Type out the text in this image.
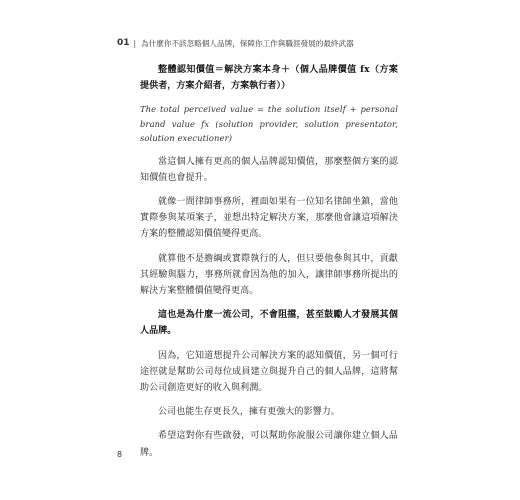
01 | 為什麼你不該忽略個人品牌，保障你工作與職涯發展的最終武器

整體認知價值＝解決方案本身＋（個人品牌價值 fx（方案提供者，方案介紹者，方案執行者））

The total perceived value = the solution itself + personal brand value fx (solution provider, solution presentator, solution executioner)

當這個人擁有更高的個人品牌認知價值，那麼整個方案的認知價值也會提升。

就像一間律師事務所，裡面如果有一位知名律師坐鎮，當他實際參與某項案子，並想出特定解決方案，那麼他會讓這項解決方案的整體認知價值變得更高。

就算他不是擔綱或實際執行的人，但只要他參與其中，貢獻其經驗與腦力，事務所就會因為他的加入，讓律師事務所提出的解決方案整體價值變得更高。

這也是為什麼一流公司，不會阻擋，甚至鼓勵人才發展其個人品牌。

因為，它知道想提升公司解決方案的認知價值，另一個可行途徑就是幫助公司每位成員建立與提升自己的個人品牌，這將幫助公司創造更好的收入與利潤。

公司也能生存更長久，擁有更強大的影響力。

希望這對你有些啟發，可以幫助你說服公司讓你建立個人品牌。

8
